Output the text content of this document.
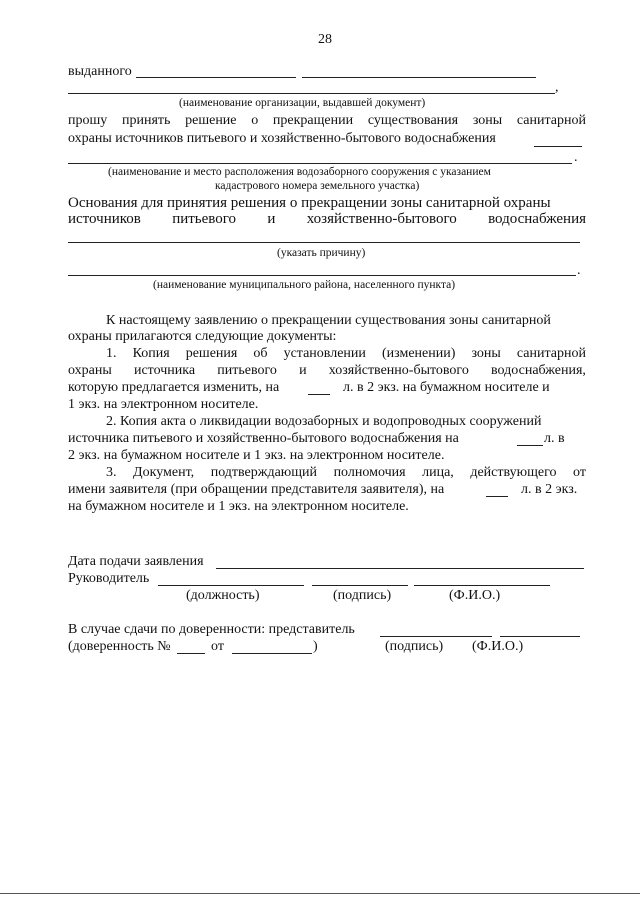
28
выданного
,
(наименование организации, выдавшей документ)
прошу принять решение о прекращении существования зоны санитарной
охраны источников питьевого и хозяйственно-бытового водоснабжения
.
(наименование и место расположения водозаборного сооружения с указанием
кадастрового номера земельного участка)
Основания для принятия решения о прекращении зоны санитарной охраны
источников питьевого и хозяйственно-бытового водоснабжения
(указать причину)
.
(наименование муниципального района, населенного пункта)
К настоящему заявлению о прекращении существования зоны санитарной
охраны прилагаются следующие документы:
1. Копия решения об установлении (изменении) зоны санитарной
охраны источника питьевого и хозяйственно-бытового водоснабжения,
которую предлагается изменить, на	л. в 2 экз. на бумажном носителе и
1 экз. на электронном носителе.
2. Копия акта о ликвидации водозаборных и водопроводных сооружений
источника питьевого и хозяйственно-бытового водоснабжения на	л. в
2 экз. на бумажном носителе и 1 экз. на электронном носителе.
3. Документ, подтверждающий полномочия лица, действующего от
имени заявителя (при обращении представителя заявителя), на	л. в 2 экз.
на бумажном носителе и 1 экз. на электронном носителе.
Дата подачи заявления
Руководитель
(должность)	(подпись)	(Ф.И.О.)
В случае сдачи по доверенности: представитель
(доверенность №	от	)	(подпись) (Ф.И.О.)
